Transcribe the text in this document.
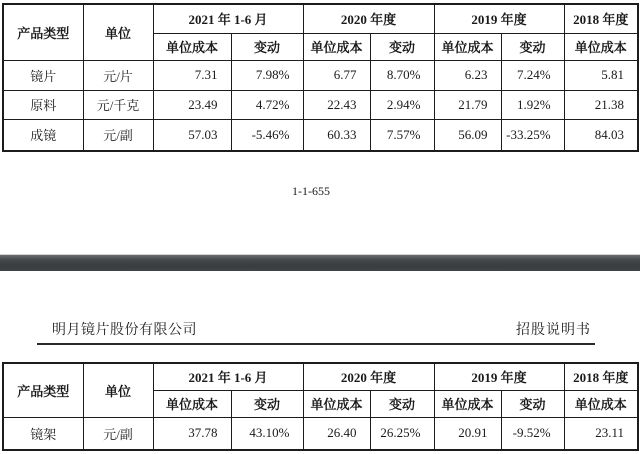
产品类型	单位	2021 年 1-6 月		2020 年度		2019 年度		2018 年度
		单位成本	变动	单位成本	变动	单位成本	变动	单位成本
镜片	元/片	7.31	7.98%	6.77	8.70%	6.23	7.24%	5.81
原料	元/千克	23.49	4.72%	22.43	2.94%	21.79	1.92%	21.38
成镜	元/副	57.03	-5.46%	60.33	7.57%	56.09	-33.25%	84.03
1-1-655
明月镜片股份有限公司	招股说明书
产品类型	单位	2021 年 1-6 月		2020 年度		2019 年度		2018 年度
		单位成本	变动	单位成本	变动	单位成本	变动	单位成本
镜架	元/副	37.78	43.10%	26.40	26.25%	20.91	-9.52%	23.11
